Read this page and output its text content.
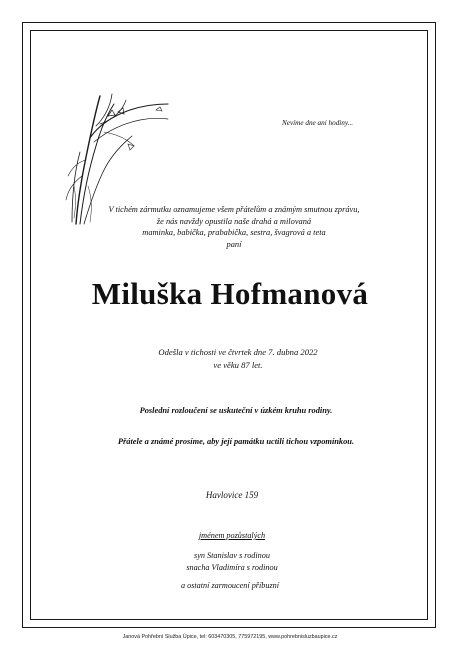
Nevíme dne ani hodiny...
V tichém zármutku oznamujeme všem přátelům a známým smutnou zprávu,
že nás navždy opustila naše drahá a milovaná
maminka, babička, prababička, sestra, švagrová a teta
paní
Miluška Hofmanová
Odešla v tichosti ve čtvrtek dne 7. dubna 2022
ve věku 87 let.
Poslední rozloučení se uskuteční v úzkém kruhu rodiny.
Přátele a známé prosíme, aby její památku uctili tichou vzpomínkou.
Havlovice 159
jménem pozůstalých
syn Stanislav s rodinou
snacha Vladimíra s rodinou
a ostatní zarmoucení příbuzní
Janová Pohřební Služba Úpice, tel: 603470305, 775972195, www.pohrebnisluzbaupice.cz
